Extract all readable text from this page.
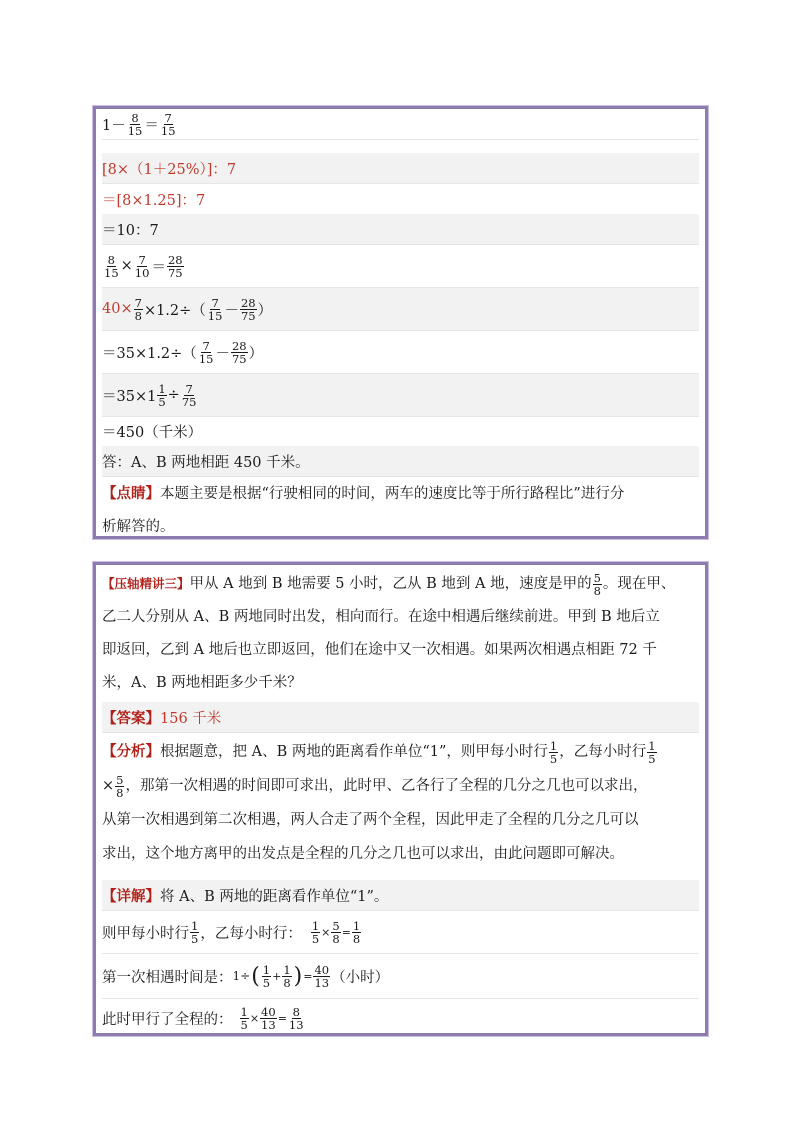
$1- \frac{8}{15} = \frac{7}{15}$
[8×（1＋25%）]：7
＝[8×1.25]：7
＝10：7
$\frac{8}{15} \times \frac{7}{10} = \frac{28}{75}$
$40\times \frac{7}{8} \times 1.2\div( \frac{7}{15} - \frac{28}{75}$ ）
$=35\times 1.2\div( \frac{7}{15} - \frac{28}{75}$ ）
$=35\times 1 \frac{1}{5} \div \frac{7}{75}$
＝450（千米）
答：A、B 两地相距 450 千米。
【点睛】本题主要是根据“行驶相同的时间，两车的速度比等于所行路程比”进行分
析解答的。
【压轴精讲三】甲从 A 地到 B 地需要 5 小时，乙从 B 地到 A 地，速度是甲的 $\frac{5}{8}$ 。现在甲、
乙二人分别从 A、B 两地同时出发，相向而行。在途中相遇后继续前进。甲到 B 地后立
即返回，乙到 A 地后也立即返回，他们在途中又一次相遇。如果两次相遇点相距 72 千
米，A、B 两地相距多少千米？
【答案】 156 千米
【分析】根据题意，把 A、B 两地的距离看作单位“1”，则甲每小时行 $\frac{1}{5}$ ，乙每小时行 $\frac{1}{5}$
× $\frac{5}{8}$ ，那第一次相遇的时间即可求出，此时甲、乙各行了全程的几分之几也可以求出，
从第一次相遇到第二次相遇，两人合走了两个全程，因此甲走了全程的几分之几可以
求出，这个地方离甲的出发点是全程的几分之几也可以求出，由此问题即可解决。
【详解】 将 A、B 两地的距离看作单位“1”。
则甲每小时行 $\frac{1}{5}$ ，乙每小时行： $\frac{1}{5} \times \frac{5}{8} = \frac{1}{8}$
第一次相遇时间是： 1÷ ( $\frac{1}{5} + \frac{1}{8}$ ) = $\frac{40}{13}$ （小时）
此时甲行了全程的： $\frac{1}{5} \times \frac{40}{13} = \frac{8}{13}$
